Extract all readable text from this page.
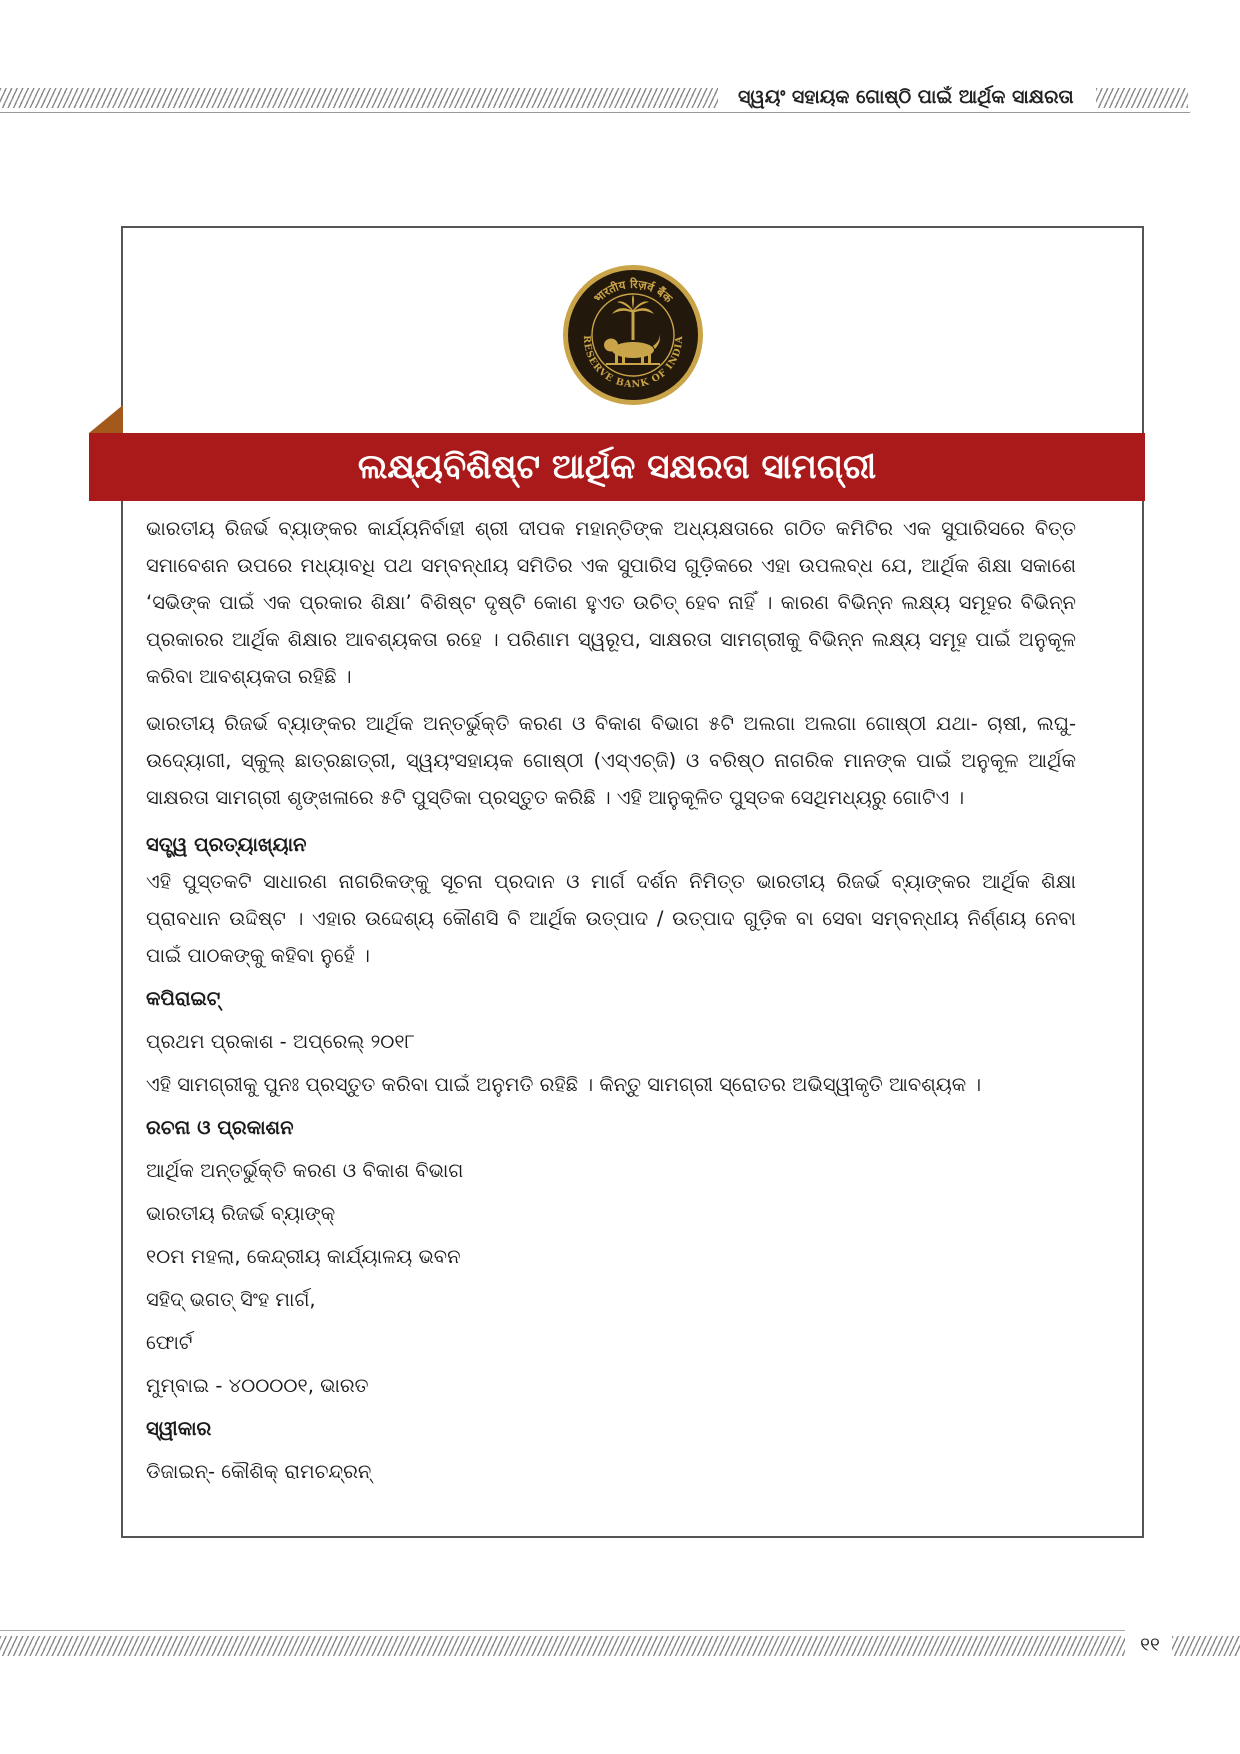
ସ୍ୱୟଂ ସହାୟକ ଗୋଷ୍ଠି ପାଇଁ ଆର୍ଥିକ ସାକ୍ଷରତା
भारतीय रिज़र्व बैंक
RESERVE BANK OF INDIA
ଲକ୍ଷ୍ୟବିଶିଷ୍ଟ ଆର୍ଥିକ ସକ୍ଷରତା ସାମଗ୍ରୀ

ଭାରତୀୟ ରିଜର୍ଭ ବ୍ୟାଙ୍କର କାର୍ଯ୍ୟନିର୍ବାହୀ ଶ୍ରୀ ଦୀପକ ମହାନ୍ତିଙ୍କ ଅଧ୍ୟକ୍ଷତାରେ ଗଠିତ କମିଟିର ଏକ ସୁପାରିସରେ ବିତ୍ତ ସମାବେଶନ ଉପରେ ମଧ୍ୟାବଧି ପଥ ସମ୍ବନ୍ଧୀୟ ସମିତିର ଏକ ସୁପାରିସ ଗୁଡ଼ିକରେ ଏହା ଉପଲବ୍ଧ ଯେ, ଆର୍ଥିକ ଶିକ୍ଷା ସକାଶେ ‘ସଭିଙ୍କ ପାଇଁ ଏକ ପ୍ରକାର ଶିକ୍ଷା’ ବିଶିଷ୍ଟ ଦୃଷ୍ଟି କୋଣ ହୁଏତ ଉଚିତ୍ ହେବ ନାହିଁ । କାରଣ ବିଭିନ୍ନ ଲକ୍ଷ୍ୟ ସମୂହର ବିଭିନ୍ନ ପ୍ରକାରର ଆର୍ଥିକ ଶିକ୍ଷାର ଆବଶ୍ୟକତା ରହେ । ପରିଣାମ ସ୍ୱରୂପ, ସାକ୍ଷରତା ସାମଗ୍ରୀକୁ ବିଭିନ୍ନ ଲକ୍ଷ୍ୟ ସମୂହ ପାଇଁ ଅନୁକୂଳ କରିବା ଆବଶ୍ୟକତା ରହିଛି ।

ଭାରତୀୟ ରିଜର୍ଭ ବ୍ୟାଙ୍କର ଆର୍ଥିକ ଅନ୍ତର୍ଭୁକ୍ତି କରଣ ଓ ବିକାଶ ବିଭାଗ ୫ଟି ଅଲଗା ଅଲଗା ଗୋଷ୍ଠୀ ଯଥା- ଚାଷୀ, ଲଘୁ- ଉଦ୍ୟୋଗୀ, ସ୍କୁଲ୍ ଛାତ୍ରଛାତ୍ରୀ, ସ୍ୱୟଂସହାୟକ ଗୋଷ୍ଠୀ (ଏସ୍‌ଏଚ୍‌ଜି) ଓ ବରିଷ୍ଠ ନାଗରିକ ମାନଙ୍କ ପାଇଁ ଅନୁକୂଳ ଆର୍ଥିକ ସାକ୍ଷରତା ସାମଗ୍ରୀ ଶୃଙ୍ଖଳାରେ ୫ଟି ପୁସ୍ତିକା ପ୍ରସ୍ତୁତ କରିଛି । ଏହି ଆନୁକୂଳିତ ପୁସ୍ତକ ସେଥିମଧ୍ୟରୁ ଗୋଟିଏ ।

ସତ୍ତ୍ୱ ପ୍ରତ୍ୟାଖ୍ୟାନ

ଏହି ପୁସ୍ତକଟି ସାଧାରଣ ନାଗରିକଙ୍କୁ ସୂଚନା ପ୍ରଦାନ ଓ ମାର୍ଗ ଦର୍ଶନ ନିମିତ୍ତ ଭାରତୀୟ ରିଜର୍ଭ ବ୍ୟାଙ୍କର ଆର୍ଥିକ ଶିକ୍ଷା ପ୍ରାବଧାନ ଉଦ୍ଦିଷ୍ଟ । ଏହାର ଉଦ୍ଦେଶ୍ୟ କୌଣସି ବି ଆର୍ଥିକ ଉତ୍ପାଦ / ଉତ୍ପାଦ ଗୁଡ଼ିକ ବା ସେବା ସମ୍ବନ୍ଧୀୟ ନିର୍ଣ୍ଣୟ ନେବା ପାଇଁ ପାଠକଙ୍କୁ କହିବା ନୁହେଁ ।

କପିରାଇଟ୍

ପ୍ରଥମ ପ୍ରକାଶ - ଅପ୍ରେଲ୍ ୨୦୧୮

ଏହି ସାମଗ୍ରୀକୁ ପୁନଃ ପ୍ରସ୍ତୁତ କରିବା ପାଇଁ ଅନୁମତି ରହିଛି । କିନ୍ତୁ ସାମଗ୍ରୀ ସ୍ରୋତର ଅଭିସ୍ୱୀକୃତି ଆବଶ୍ୟକ ।

ରଚନା ଓ ପ୍ରକାଶନ

ଆର୍ଥିକ ଅନ୍ତର୍ଭୁକ୍ତି କରଣ ଓ ବିକାଶ ବିଭାଗ

ଭାରତୀୟ ରିଜର୍ଭ ବ୍ୟାଙ୍କ୍

୧୦ମ ମହଲା, କେନ୍ଦ୍ରୀୟ କାର୍ଯ୍ୟାଳୟ ଭବନ

ସହିଦ୍ ଭଗତ୍ ସିଂହ ମାର୍ଗ,

ଫୋର୍ଟ

ମୁମ୍ବାଇ - ୪୦୦୦୦୧, ଭାରତ

ସ୍ୱୀକାର

ଡିଜାଇନ୍- କୌଶିକ୍ ରାମଚନ୍ଦ୍ରନ୍

୧୧
